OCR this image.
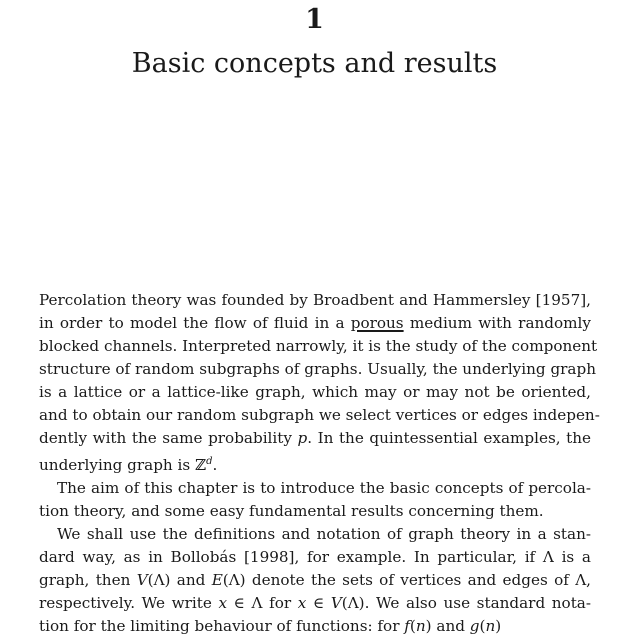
1
Basic concepts and results
Percolation theory was founded by Broadbent and Hammersley [1957],
in order to model the flow of fluid in a porous medium with randomly
blocked channels. Interpreted narrowly, it is the study of the component
structure of random subgraphs of graphs. Usually, the underlying graph
is a lattice or a lattice-like graph, which may or may not be oriented,
and to obtain our random subgraph we select vertices or edges indepen-
dently with the same probability p. In the quintessential examples, the
underlying graph is ℤ$^d$.
The aim of this chapter is to introduce the basic concepts of percola-
tion theory, and some easy fundamental results concerning them.
We shall use the definitions and notation of graph theory in a stan-
dard way, as in Bollobás [1998], for example. In particular, if Λ is a
graph, then V(Λ) and E(Λ) denote the sets of vertices and edges of Λ,
respectively. We write x ∈ Λ for x ∈ V(Λ). We also use standard nota-
tion for the limiting behaviour of functions: for f(n) and g(n)
